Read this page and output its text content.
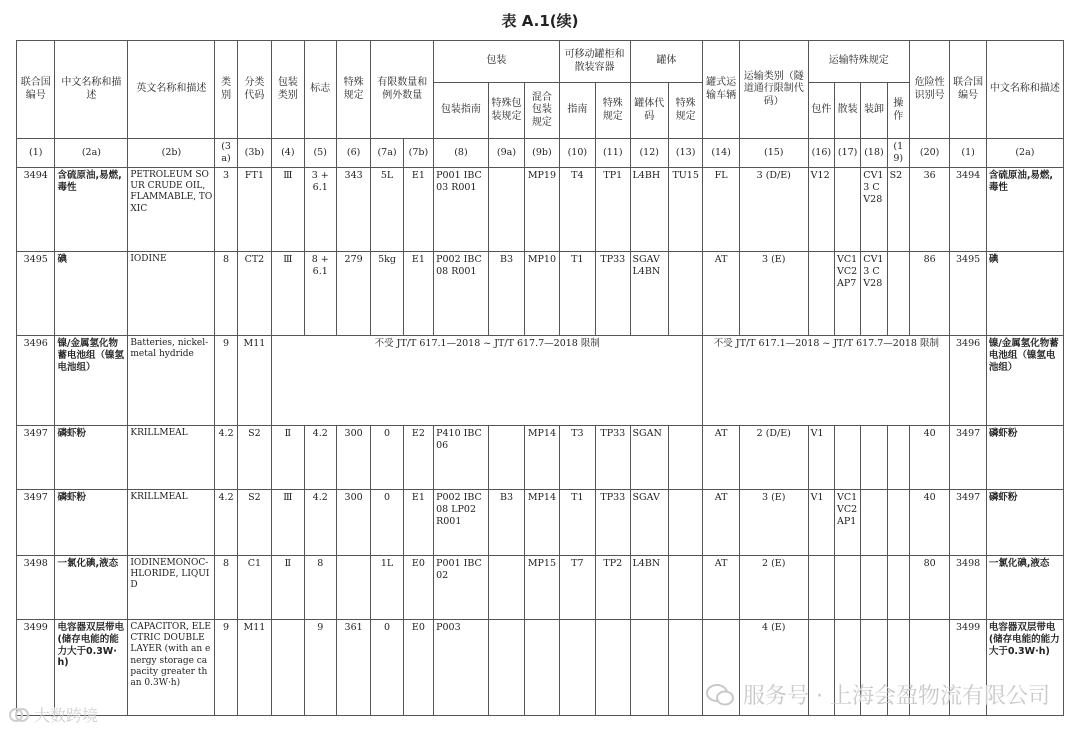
表 A.1(续)
联合国编号	中文名称和描述	英文名称和描述	类别	分类代码	包装类别	标志	特殊规定	有限数量和例外数量		包装			可移动罐柜和散装容器		罐体		罐式运输车辆	运输类别（隧道通行限制代码）	运输特殊规定				危险性识别号	联合国编号	中文名称和描述
										包装指南	特殊包装规定	混合包装规定	指南	特殊规定	罐体代码	特殊规定			包件	散装	装卸	操作			
(1)	(2a)	(2b)	(3a)	(3b)	(4)	(5)	(6)	(7a)	(7b)	(8)	(9a)	(9b)	(10)	(11)	(12)	(13)	(14)	(15)	(16)	(17)	(18)	(19)	(20)	(1)	(2a)
3494	含硫原油,易燃,毒性	PETROLEUM SOUR CRUDE OIL, FLAMMABLE, TOXIC	3	FT1	Ⅲ	3 + 6.1	343	5L	E1	P001 IBC03 R001		MP19	T4	TP1	L4BH	TU15	FL	3 (D/E)	V12		CV13 CV28	S2	36	3494	含硫原油,易燃,毒性
3495	碘	IODINE	8	CT2	Ⅲ	8 + 6.1	279	5kg	E1	P002 IBC08 R001	B3	MP10	T1	TP33	SGAV L4BN		AT	3 (E)		VC1 VC2 AP7	CV13 CV28		86	3495	碘
3496	镍/金属氢化物蓄电池组（镍氢电池组）	Batteries, nickel-metal hydride	9	M11	不受 JT/T 617.1—2018 ~ JT/T 617.7—2018 限制												不受 JT/T 617.1—2018 ~ JT/T 617.7—2018 限制							3496	镍/金属氢化物蓄电池组（镍氢电池组）
3497	磷虾粉	KRILLMEAL	4.2	S2	Ⅱ	4.2	300	0	E2	P410 IBC06		MP14	T3	TP33	SGAN		AT	2 (D/E)	V1				40	3497	磷虾粉
3497	磷虾粉	KRILLMEAL	4.2	S2	Ⅲ	4.2	300	0	E1	P002 IBC08 LP02 R001	B3	MP14	T1	TP33	SGAV		AT	3 (E)	V1	VC1 VC2 AP1			40	3497	磷虾粉
3498	一氯化碘,液态	IODINEMONOC-HLORIDE, LIQUID	8	C1	Ⅱ	8		1L	E0	P001 IBC02		MP15	T7	TP2	L4BN		AT	2 (E)					80	3498	一氯化碘,液态
3499	电容器双层带电(储存电能的能力大于0.3W·h)	CAPACITOR, ELECTRIC DOUBLE LAYER (with an energy storage capacity greater than 0.3W·h)	9	M11		9	361	0	E0	P003								4 (E)						3499	电容器双层带电(储存电能的能力大于0.3W·h)
服务号 · 上海会盈物流有限公司
大数跨境
